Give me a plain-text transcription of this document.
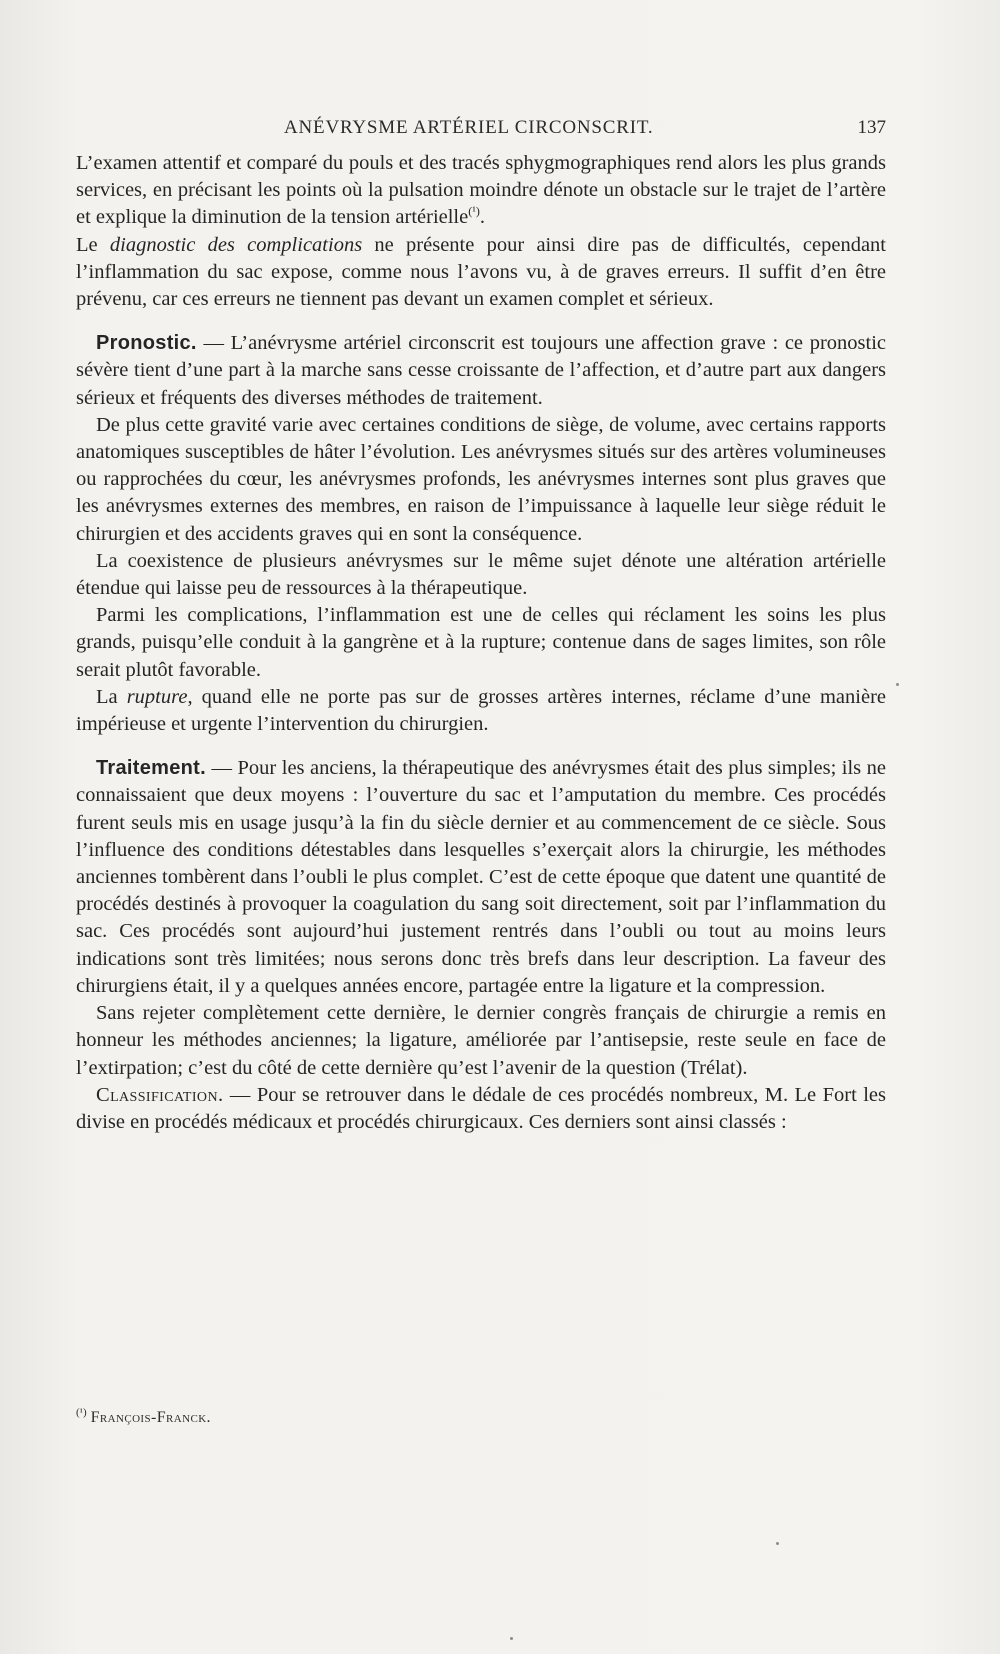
ANÉVRYSME ARTÉRIEL CIRCONSCRIT.	137

L’examen attentif et comparé du pouls et des tracés sphygmographiques rend alors les plus grands services, en précisant les points où la pulsation moindre dénote un obstacle sur le trajet de l’artère et explique la diminution de la tension artérielle$^{(^1)}$.

Le diagnostic des complications ne présente pour ainsi dire pas de difficultés, cependant l’inflammation du sac expose, comme nous l’avons vu, à de graves erreurs. Il suffit d’en être prévenu, car ces erreurs ne tiennent pas devant un examen complet et sérieux.

Pronostic. — L’anévrysme artériel circonscrit est toujours une affection grave : ce pronostic sévère tient d’une part à la marche sans cesse croissante de l’affection, et d’autre part aux dangers sérieux et fréquents des diverses méthodes de traitement.

De plus cette gravité varie avec certaines conditions de siège, de volume, avec certains rapports anatomiques susceptibles de hâter l’évolution. Les anévrysmes situés sur des artères volumineuses ou rapprochées du cœur, les anévrysmes profonds, les anévrysmes internes sont plus graves que les anévrysmes externes des membres, en raison de l’impuissance à laquelle leur siège réduit le chirurgien et des accidents graves qui en sont la conséquence.

La coexistence de plusieurs anévrysmes sur le même sujet dénote une altération artérielle étendue qui laisse peu de ressources à la thérapeutique.

Parmi les complications, l’inflammation est une de celles qui réclament les soins les plus grands, puisqu’elle conduit à la gangrène et à la rupture; contenue dans de sages limites, son rôle serait plutôt favorable.

La rupture, quand elle ne porte pas sur de grosses artères internes, réclame d’une manière impérieuse et urgente l’intervention du chirurgien.

Traitement. — Pour les anciens, la thérapeutique des anévrysmes était des plus simples; ils ne connaissaient que deux moyens : l’ouverture du sac et l’amputation du membre. Ces procédés furent seuls mis en usage jusqu’à la fin du siècle dernier et au commencement de ce siècle. Sous l’influence des conditions détestables dans lesquelles s’exerçait alors la chirurgie, les méthodes anciennes tombèrent dans l’oubli le plus complet. C’est de cette époque que datent une quantité de procédés destinés à provoquer la coagulation du sang soit directement, soit par l’inflammation du sac. Ces procédés sont aujourd’hui justement rentrés dans l’oubli ou tout au moins leurs indications sont très limitées; nous serons donc très brefs dans leur description. La faveur des chirurgiens était, il y a quelques années encore, partagée entre la ligature et la compression.

Sans rejeter complètement cette dernière, le dernier congrès français de chirurgie a remis en honneur les méthodes anciennes; la ligature, améliorée par l’antisepsie, reste seule en face de l’extirpation; c’est du côté de cette dernière qu’est l’avenir de la question (Trélat).

Classification. — Pour se retrouver dans le dédale de ces procédés nombreux, M. Le Fort les divise en procédés médicaux et procédés chirurgicaux. Ces derniers sont ainsi classés :

$^{(^1)}$ François-Franck.
